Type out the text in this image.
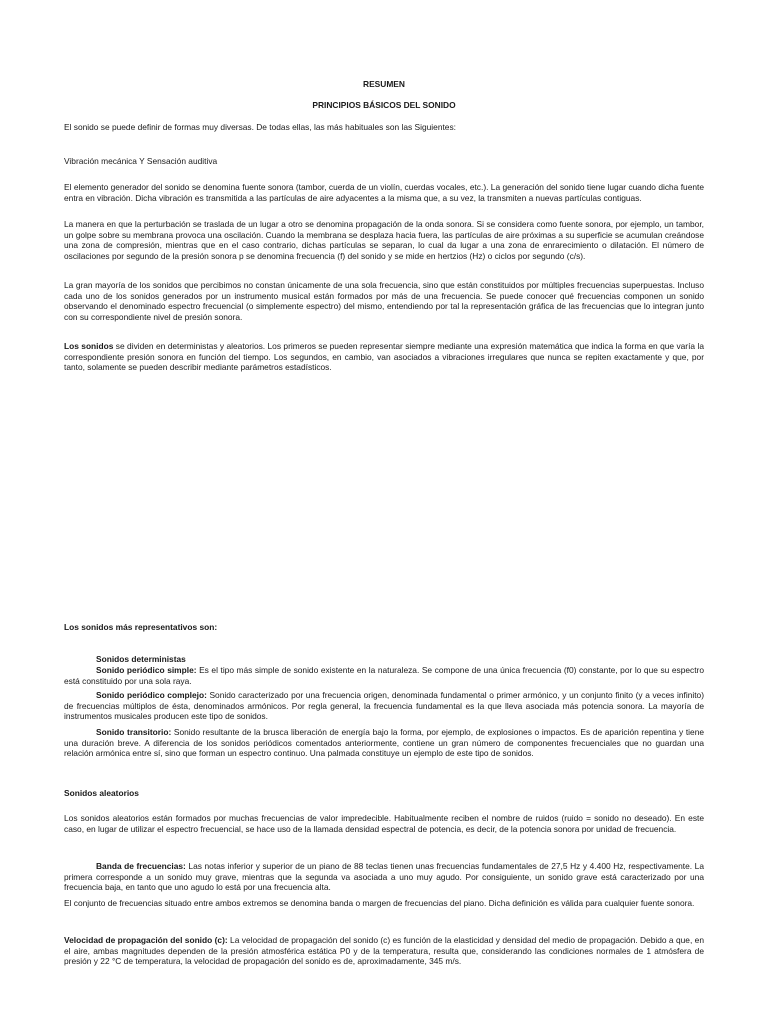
RESUMEN
PRINCIPIOS BÁSICOS DEL SONIDO

El sonido se puede definir de formas muy diversas. De todas ellas, las más habituales son las Siguientes:

Vibración mecánica Y Sensación auditiva

El elemento generador del sonido se denomina fuente sonora (tambor, cuerda de un violín, cuerdas vocales, etc.). La generación del sonido tiene lugar cuando dicha fuente entra en vibración. Dicha vibración es transmitida a las partículas de aire adyacentes a la misma que, a su vez, la transmiten a nuevas partículas contiguas.

La manera en que la perturbación se traslada de un lugar a otro se denomina propagación de la onda sonora. Si se considera como fuente sonora, por ejemplo, un tambor, un golpe sobre su membrana provoca una oscilación. Cuando la membrana se desplaza hacia fuera, las partículas de aire próximas a su superficie se acumulan creándose una zona de compresión, mientras que en el caso contrario, dichas partículas se separan, lo cual da lugar a una zona de enrarecimiento o dilatación. El número de oscilaciones por segundo de la presión sonora p se denomina frecuencia (f) del sonido y se mide en hertzios (Hz) o ciclos por segundo (c/s).

La gran mayoría de los sonidos que percibimos no constan únicamente de una sola frecuencia, sino que están constituidos por múltiples frecuencias superpuestas. Incluso cada uno de los sonidos generados por un instrumento musical están formados por más de una frecuencia. Se puede conocer qué frecuencias componen un sonido observando el denominado espectro frecuencial (o simplemente espectro) del mismo, entendiendo por tal la representación gráfica de las frecuencias que lo integran junto con su correspondiente nivel de presión sonora.

Los sonidos se dividen en deterministas y aleatorios. Los primeros se pueden representar siempre mediante una expresión matemática que indica la forma en que varía la correspondiente presión sonora en función del tiempo. Los segundos, en cambio, van asociados a vibraciones irregulares que nunca se repiten exactamente y que, por tanto, solamente se pueden describir mediante parámetros estadísticos.

Los sonidos más representativos son:

Sonidos deterministas

Sonido periódico simple: Es el tipo más simple de sonido existente en la naturaleza. Se compone de una única frecuencia (f0) constante, por lo que su espectro está constituido por una sola raya.

Sonido periódico complejo: Sonido caracterizado por una frecuencia origen, denominada fundamental o primer armónico, y un conjunto finito (y a veces infinito) de frecuencias múltiplos de ésta, denominados armónicos. Por regla general, la frecuencia fundamental es la que lleva asociada más potencia sonora. La mayoría de instrumentos musicales producen este tipo de sonidos.

Sonido transitorio: Sonido resultante de la brusca liberación de energía bajo la forma, por ejemplo, de explosiones o impactos. Es de aparición repentina y tiene una duración breve. A diferencia de los sonidos periódicos comentados anteriormente, contiene un gran número de componentes frecuenciales que no guardan una relación armónica entre sí, sino que forman un espectro continuo. Una palmada constituye un ejemplo de este tipo de sonidos.

Sonidos aleatorios

Los sonidos aleatorios están formados por muchas frecuencias de valor impredecible. Habitualmente reciben el nombre de ruidos (ruido = sonido no deseado). En este caso, en lugar de utilizar el espectro frecuencial, se hace uso de la llamada densidad espectral de potencia, es decir, de la potencia sonora por unidad de frecuencia.

Banda de frecuencias: Las notas inferior y superior de un piano de 88 teclas tienen unas frecuencias fundamentales de 27,5 Hz y 4.400 Hz, respectivamente. La primera corresponde a un sonido muy grave, mientras que la segunda va asociada a uno muy agudo. Por consiguiente, un sonido grave está caracterizado por una frecuencia baja, en tanto que uno agudo lo está por una frecuencia alta.

El conjunto de frecuencias situado entre ambos extremos se denomina banda o margen de frecuencias del piano. Dicha definición es válida para cualquier fuente sonora.

Velocidad de propagación del sonido (c): La velocidad de propagación del sonido (c) es función de la elasticidad y densidad del medio de propagación. Debido a que, en el aire, ambas magnitudes dependen de la presión atmosférica estática P0 y de la temperatura, resulta que, considerando las condiciones normales de 1 atmósfera de presión y 22 °C de temperatura, la velocidad de propagación del sonido es de, aproximadamente, 345 m/s.
